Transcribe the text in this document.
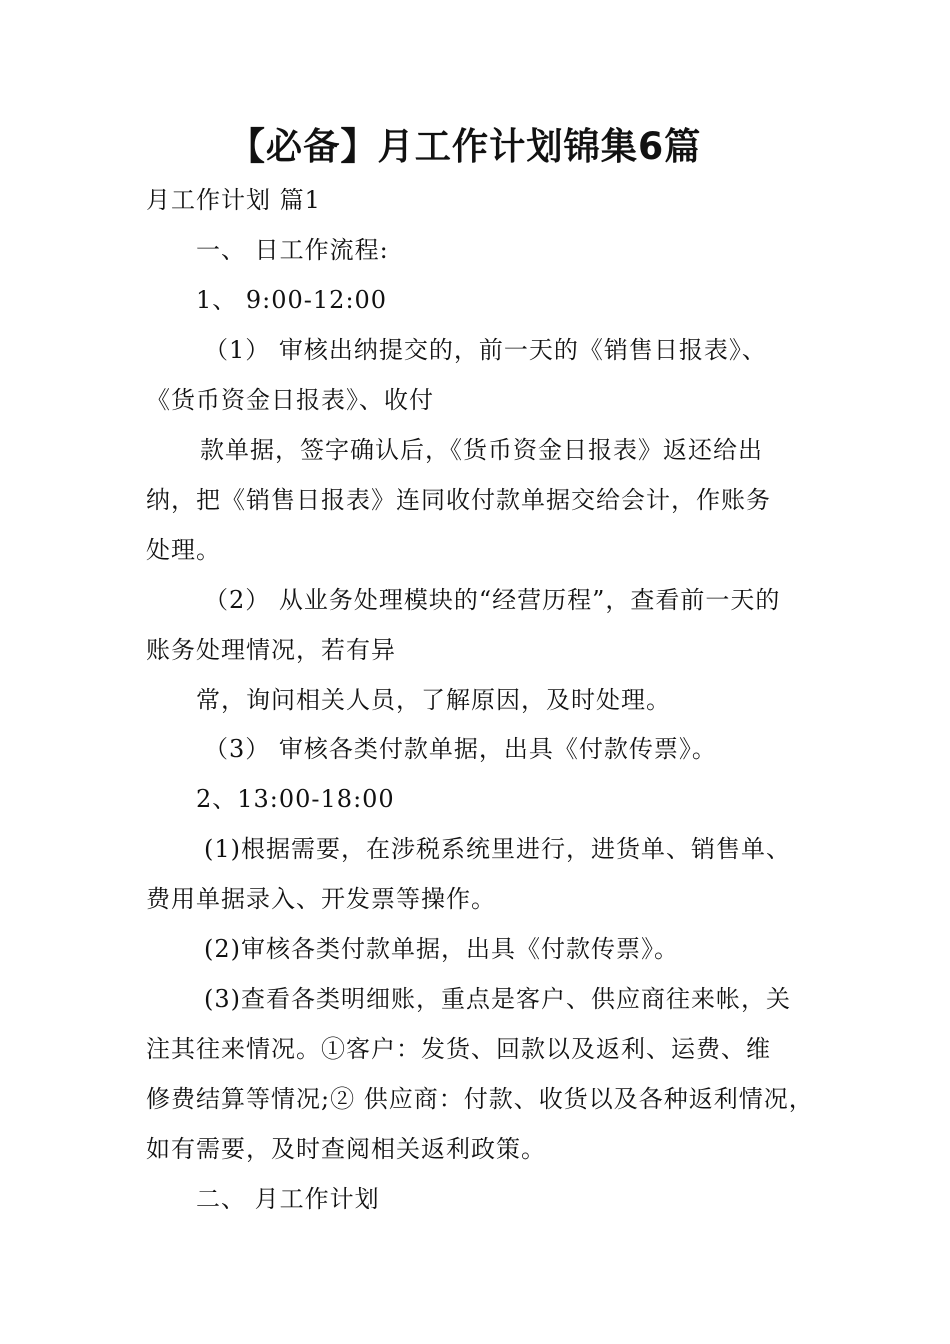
【必备】月工作计划锦集6篇
月工作计划 篇1
一、 日工作流程:
1、 9:00-12:00
（1） 审核出纳提交的，前一天的《销售日报表》、
《货币资金日报表》、收付
款单据，签字确认后，《货币资金日报表》返还给出
纳，把《销售日报表》连同收付款单据交给会计，作账务
处理。
（2） 从业务处理模块的“经营历程”，查看前一天的
账务处理情况，若有异
常，询问相关人员，了解原因，及时处理。
（3） 审核各类付款单据，出具《付款传票》。
2、13:00-18:00
(1)根据需要，在涉税系统里进行，进货单、销售单、
费用单据录入、开发票等操作。
(2)审核各类付款单据，出具《付款传票》。
(3)查看各类明细账，重点是客户、供应商往来帐，关
注其往来情况。①客户：发货、回款以及返利、运费、维
修费结算等情况;② 供应商：付款、收货以及各种返利情况，
如有需要，及时查阅相关返利政策。
二、 月工作计划
